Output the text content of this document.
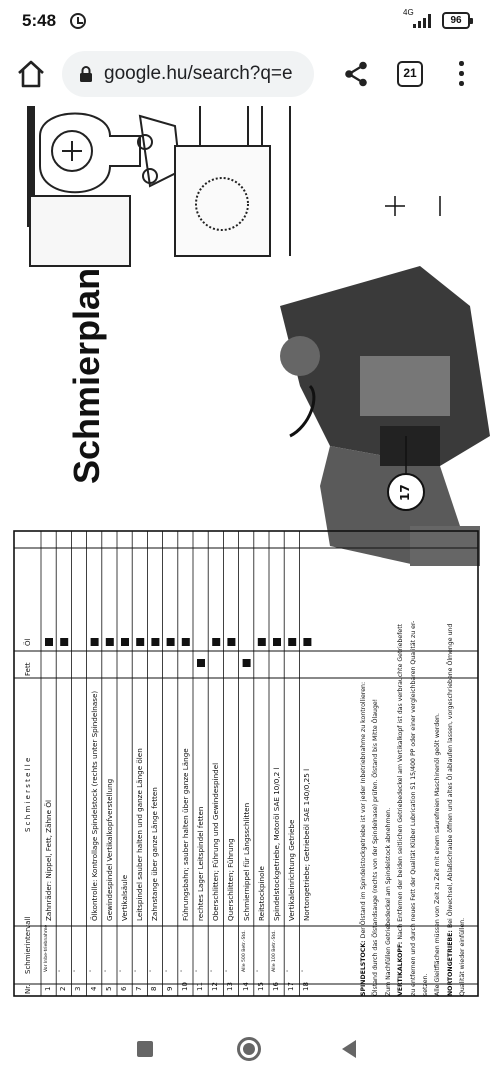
5:48	4G
96
google.hu/search?q=e	21
Schmierplan
17
Nr.
Schmierintervall
S c h m i e r s t e l l e
Fett
Öl
1
Vor Inbe-triebnahme
Zahnräder: Nippel, Fett, Zähne Öl
2
"
3
"
4
"
Ölkontrolle: Kontrollage Spindelstock (rechts unter Spindelnase)
5
"
Gewindespindel Vertikalkopfverstellung
6
"
Vertikalsäule
7
"
Leitspindel sauber halten und ganze Länge ölen
8
"
Zahnstange über ganze Länge fetten
9
"
10
"
Führungsbahn; sauber halten über ganze Länge
11
"
rechtes Lager Leitspindel fetten
12
"
Oberschlitten; Führung und Gewindespindel
13
"
Querschlitten; Führung
14
Alle 500 Betr.-Std.
Schmiernippel für Längsschlitten
15
"
Reitstockpinole
16
Alle 100 Betr.-Std.
Spindelstockgetriebe, Motoröl SAE 10/0,2 l
17
"
Vertikaleinrichtung Getriebe
18
"
Nortongetriebe; Getriebeöl SAE 140/0,25 l
SPINDELSTOCK: Der Ölstand im Spindelstockgetriebe ist vor jeder Inbetriebnahme zu kontrollieren: Ölstand durch das Ölstandsauge (rechts von der Spindelnase) prüfen. Ölstand bis Mitte Ölauge! Zum Nachfüllen Getriebedeckel am Spindelstock abnehmen. VERTIKALKOPF: Nach Entfernen der beiden seitlichen Getriebedeckel am Vertikalkopf ist das verbrauchte Getriebefett zu entfernen und durch neues Fett der Qualität Klüber Lubrication S1 15/400 PP oder einer vergleichbaren Qualität zu er- setzen. Alle Gleitflächen müssen von Zeit zu Zeit mit einem säurefreien Maschinenöl geölt werden. NORTONGETRIEBE: Bei Ölwechsel, Ablaßschraube öffnen und altes Öl ablaufen lassen, vorgeschriebene Ölmenge und
Qualität wieder einfüllen.
